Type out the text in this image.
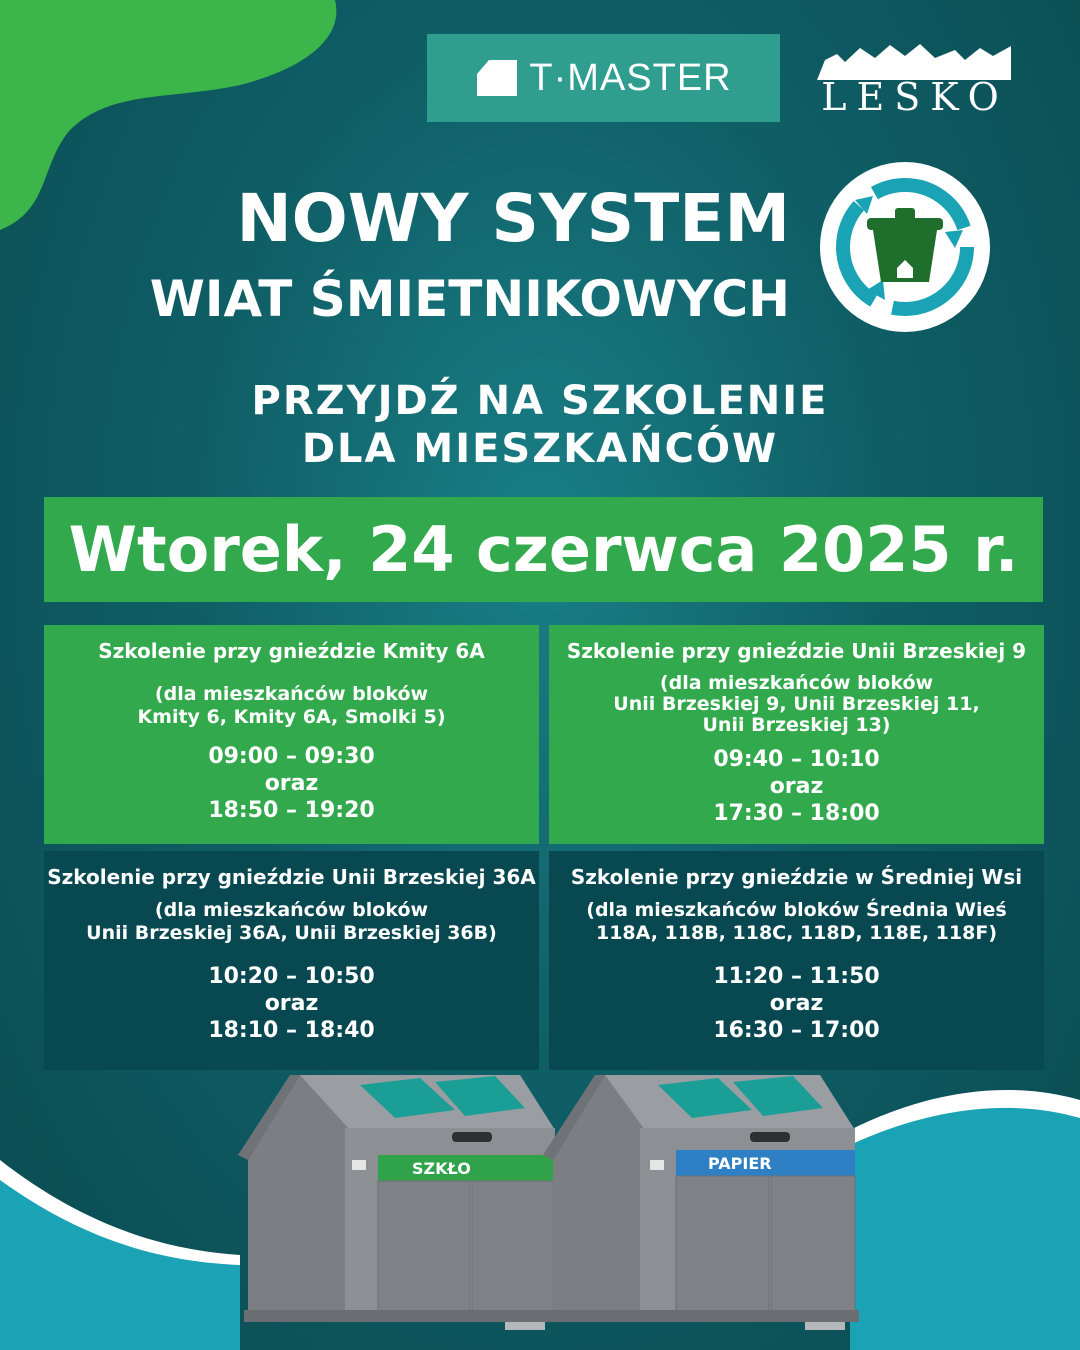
T·MASTER LESKO
NOWY SYSTEM
WIAT ŚMIETNIKOWYCH
PRZYJDŹ NA SZKOLENIE
DLA MIESZKAŃCÓW
Wtorek, 24 czerwca 2025 r.
Szkolenie przy gnieździe Kmity 6A
(dla mieszkańców bloków
Kmity 6, Kmity 6A, Smolki 5)
09:00 – 09:30
oraz
18:50 – 19:20
Szkolenie przy gnieździe Unii Brzeskiej 9
(dla mieszkańców bloków
Unii Brzeskiej 9, Unii Brzeskiej 11,
Unii Brzeskiej 13)
09:40 – 10:10
oraz
17:30 – 18:00
Szkolenie przy gnieździe Unii Brzeskiej 36A
(dla mieszkańców bloków
Unii Brzeskiej 36A, Unii Brzeskiej 36B)
10:20 – 10:50
oraz
18:10 – 18:40
Szkolenie przy gnieździe w Średniej Wsi
(dla mieszkańców bloków Średnia Wieś
118A, 118B, 118C, 118D, 118E, 118F)
11:20 – 11:50
oraz
16:30 – 17:00
SZKŁO	PAPIER
